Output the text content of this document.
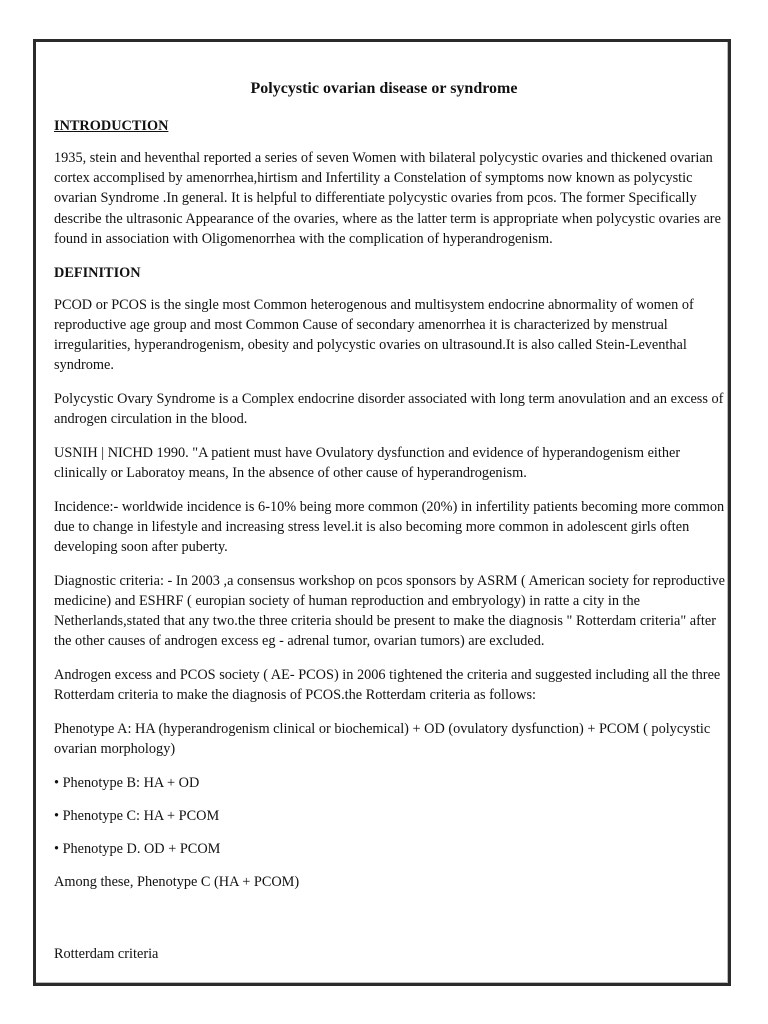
Polycystic ovarian disease or syndrome

INTRODUCTION

1935, stein and heventhal reported a series of seven Women with bilateral polycystic ovaries and thickened ovarian cortex accomplised by amenorrhea,hirtism and Infertility a Constelation of symptoms now known as polycystic ovarian Syndrome .In general. It is helpful to differentiate polycystic ovaries from pcos. The former Specifically describe the ultrasonic Appearance of the ovaries, where as the latter term is appropriate when polycystic ovaries are found in association with Oligomenorrhea with the complication of hyperandrogenism.

DEFINITION

PCOD or PCOS is the single most Common heterogenous and multisystem endocrine abnormality of women of reproductive age group and most Common Cause of secondary amenorrhea it is characterized by menstrual irregularities, hyperandrogenism, obesity and polycystic ovaries on ultrasound.It is also called Stein-Leventhal syndrome.

Polycystic Ovary Syndrome is a Complex endocrine disorder associated with long term anovulation and an excess of androgen circulation in the blood.

USNIH | NICHD 1990. "A patient must have Ovulatory dysfunction and evidence of hyperandogenism either clinically or Laboratoy means, In the absence of other cause of hyperandrogenism.

Incidence:- worldwide incidence is 6-10% being more common (20%) in infertility patients becoming more common due to change in lifestyle and increasing stress level.it is also becoming more common in adolescent girls often developing soon after puberty.

Diagnostic criteria: - In 2003 ,a consensus workshop on pcos sponsors by ASRM ( American society for reproductive medicine) and ESHRF ( europian society of human reproduction and embryology) in ratte a city in the Netherlands,stated that any two.the three criteria should be present to make the diagnosis " Rotterdam criteria" after the other causes of androgen excess eg - adrenal tumor, ovarian tumors) are excluded.

Androgen excess and PCOS society ( AE- PCOS) in 2006 tightened the criteria and suggested including all the three Rotterdam criteria to make the diagnosis of PCOS.the Rotterdam criteria as follows:

Phenotype A: HA (hyperandrogenism clinical or biochemical) + OD (ovulatory dysfunction) + PCOM ( polycystic ovarian morphology)

• Phenotype B: HA + OD

• Phenotype C: HA + PCOM

• Phenotype D. OD + PCOM

Among these, Phenotype C (HA + PCOM)

Rotterdam criteria
